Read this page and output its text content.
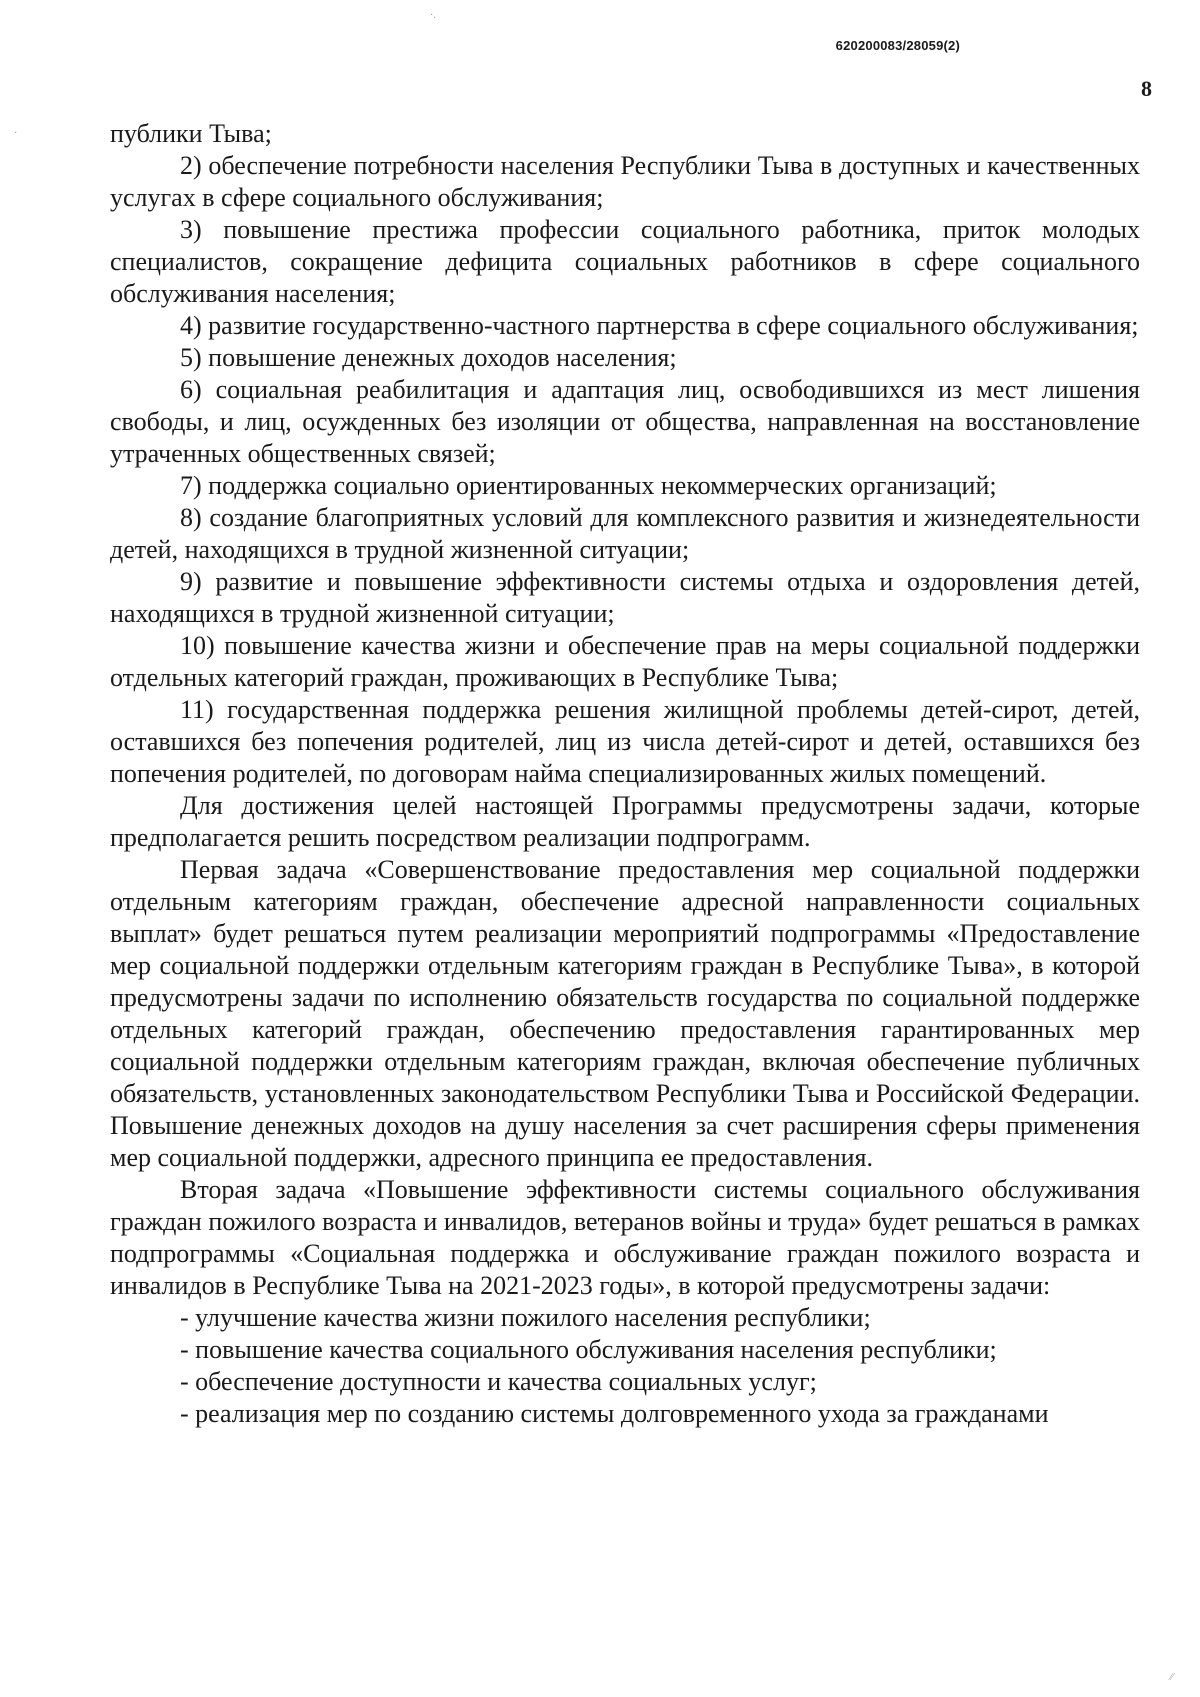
620200083/28059(2)
8
·.
·
⁄⁄

публики Тыва;

2) обеспечение потребности населения Республики Тыва в доступных и качественных услугах в сфере социального обслуживания;

3) повышение престижа профессии социального работника, приток молодых специалистов, сокращение дефицита социальных работников в сфере социального обслуживания населения;

4) развитие государственно-частного партнерства в сфере социального обслуживания;

5) повышение денежных доходов населения;

6) социальная реабилитация и адаптация лиц, освободившихся из мест лишения свободы, и лиц, осужденных без изоляции от общества, направленная на восстановление утраченных общественных связей;

7) поддержка социально ориентированных некоммерческих организаций;

8) создание благоприятных условий для комплексного развития и жизнедеятельности детей, находящихся в трудной жизненной ситуации;

9) развитие и повышение эффективности системы отдыха и оздоровления детей, находящихся в трудной жизненной ситуации;

10) повышение качества жизни и обеспечение прав на меры социальной поддержки отдельных категорий граждан, проживающих в Республике Тыва;

11) государственная поддержка решения жилищной проблемы детей-сирот, детей, оставшихся без попечения родителей, лиц из числа детей-сирот и детей, оставшихся без попечения родителей, по договорам найма специализированных жилых помещений.

Для достижения целей настоящей Программы предусмотрены задачи, которые предполагается решить посредством реализации подпрограмм.

Первая задача «Совершенствование предоставления мер социальной поддержки отдельным категориям граждан, обеспечение адресной направленности социальных выплат» будет решаться путем реализации мероприятий подпрограммы «Предоставление мер социальной поддержки отдельным категориям граждан в Республике Тыва», в которой предусмотрены задачи по исполнению обязательств государства по социальной поддержке отдельных категорий граждан, обеспечению предоставления гарантированных мер социальной поддержки отдельным категориям граждан, включая обеспечение публичных обязательств, установленных законодательством Республики Тыва и Российской Федерации. Повышение денежных доходов на душу населения за счет расширения сферы применения мер социальной поддержки, адресного принципа ее предоставления.

Вторая задача «Повышение эффективности системы социального обслуживания граждан пожилого возраста и инвалидов, ветеранов войны и труда» будет решаться в рамках подпрограммы «Социальная поддержка и обслуживание граждан пожилого возраста и инвалидов в Республике Тыва на 2021-2023 годы», в которой предусмотрены задачи:

- улучшение качества жизни пожилого населения республики;

- повышение качества социального обслуживания населения республики;

- обеспечение доступности и качества социальных услуг;

- реализация мер по созданию системы долговременного ухода за гражданами
